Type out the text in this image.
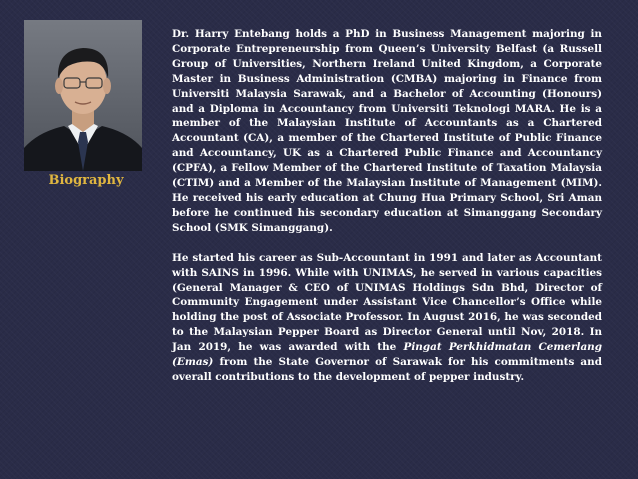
Biography

Dr. Harry Entebang holds a PhD in Business Management majoring in Corporate Entrepreneurship from Queen’s University Belfast (a Russell Group of Universities, Northern Ireland United Kingdom, a Corporate Master in Business Administration (CMBA) majoring in Finance from Universiti Malaysia Sarawak, and a Bachelor of Accounting (Honours) and a Diploma in Accountancy from Universiti Teknologi MARA. He is a member of the Malaysian Institute of Accountants as a Chartered Accountant (CA), a member of the Chartered Institute of Public Finance and Accountancy, UK as a Chartered Public Finance and Accountancy (CPFA), a Fellow Member of the Chartered Institute of Taxation Malaysia (CTIM) and a Member of the Malaysian Institute of Management (MIM). He received his early education at Chung Hua Primary School, Sri Aman before he continued his secondary education at Simanggang Secondary School (SMK Simanggang).

He started his career as Sub-Accountant in 1991 and later as Accountant with SAINS in 1996. While with UNIMAS, he served in various capacities (General Manager & CEO of UNIMAS Holdings Sdn Bhd, Director of Community Engagement under Assistant Vice Chancellor’s Office while holding the post of Associate Professor. In August 2016, he was seconded to the Malaysian Pepper Board as Director General until Nov, 2018. In Jan 2019, he was awarded with the Pingat Perkhidmatan Cemerlang (Emas) from the State Governor of Sarawak for his commitments and overall contributions to the development of pepper industry.
